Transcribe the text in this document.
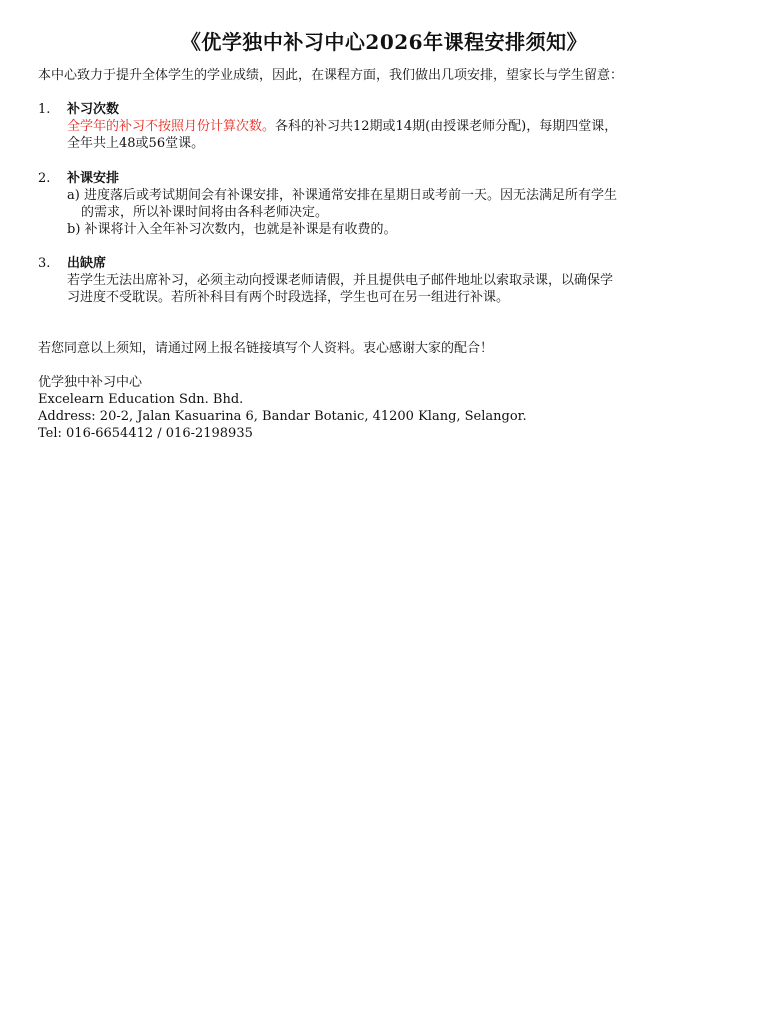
《优学独中补习中心2026年课程安排须知》
本中心致力于提升全体学生的学业成绩，因此，在课程方面，我们做出几项安排，望家长与学生留意：
1.	补习次数
全学年的补习不按照月份计算次数。各科的补习共12期或14期(由授课老师分配)，每期四堂课，
全年共上48或56堂课。
2.	补课安排
a) 进度落后或考试期间会有补课安排，补课通常安排在星期日或考前一天。因无法满足所有学生
的需求，所以补课时间将由各科老师决定。
b) 补课将计入全年补习次数内，也就是补课是有收费的。
3.	出缺席
若学生无法出席补习，必须主动向授课老师请假，并且提供电子邮件地址以索取录课，以确保学
习进度不受耽误。若所补科目有两个时段选择，学生也可在另一组进行补课。
若您同意以上须知，请通过网上报名链接填写个人资料。衷心感谢大家的配合！
优学独中补习中心
Excelearn Education Sdn. Bhd.
Address: 20-2, Jalan Kasuarina 6, Bandar Botanic, 41200 Klang, Selangor.
Tel: 016-6654412 / 016-2198935
